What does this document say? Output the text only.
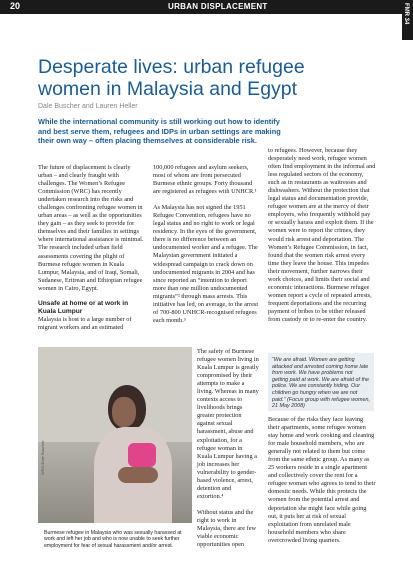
20	URBAN DISPLACEMENT	FMR 34
Desperate lives: urban refugee women in Malaysia and Egypt
Dale Buscher and Lauren Heller
While the international community is still working out how to identify and best serve them, refugees and IDPs in urban settings are making their own way – often placing themselves at considerable risk.

The future of displacement is clearly urban – and clearly fraught with challenges. The Women’s Refugee Commission (WRC) has recently undertaken research into the risks and challenges confronting refugee women in urban areas – as well as the opportunities they gain – as they seek to provide for themselves and their families in settings where international assistance is minimal. The research included urban field assessments covering the plight of Burmese refugee women in Kuala Lumpur, Malaysia, and of Iraqi, Somali, Sudanese, Eritrean and Ethiopian refugee women in Cairo, Egypt.

Unsafe at home or at work in Kuala Lumpur

Malaysia is host to a large number of migrant workers and an estimated

100,000 refugees and asylum seekers, most of whom are from persecuted Burmese ethnic groups. Forty thousand are registered as refugees with UNHCR.¹

As Malaysia has not signed the 1951 Refugee Convention, refugees have no legal status and no right to work or legal residency. In the eyes of the government, there is no difference between an undocumented worker and a refugee. The Malaysian government initiated a widespread campaign to crack down on undocumented migrants in 2004 and has since reported an “intention to deport more than one million undocumented migrants”² through mass arrests. This initiative has led, on average, to the arrest of 700-800 UNHCR-recognised refugees each month.³

WRC/Dale Buscher
Burmese refugee in Malaysia who was sexually harassed at work and left her job and who is now unable to seek further employment for fear of sexual harassment and/or arrest.

The safety of Burmese refugee women living in Kuala Lumpur is greatly compromised by their attempts to make a living. Whereas in many contexts access to livelihoods brings greater protection against sexual harassment, abuse and exploitation, for a refugee woman in Kuala Lumpur having a job increases her vulnerability to gender-based violence, arrest, detention and extortion.⁴

Without status and the right to work in Malaysia, there are few viable economic opportunities open

to refugees. However, because they desperately need work, refugee women often find employment in the informal and less regulated sectors of the economy, such as in restaurants as waitresses and dishwashers. Without the protection that legal status and documentation provide, refugee women are at the mercy of their employers, who frequently withhold pay or sexually harass and exploit them. If the women were to report the crimes, they would risk arrest and deportation. The Women’s Refugee Commission, in fact, found that the women risk arrest every time they leave the house. This impedes their movement, further narrows their work choices, and limits their social and economic interactions. Burmese refugee women report a cycle of repeated arrests, frequent deportations and the recurring payment of bribes to be either released from custody or to re-enter the country.

“We are afraid. Women are getting attacked and arrested coming home late from work. We have problems not getting paid at work. We are afraid of the police. We are constantly hiding. Our children go hungry when we are not paid.” (Focus group with refugee women, 21 May 2008)

Because of the risks they face leaving their apartments, some refugee women stay home and work cooking and cleaning for male household members, who are generally not related to them but come from the same ethnic group. As many as 25 workers reside in a single apartment and collectively cover the rent for a refugee woman who agrees to tend to their domestic needs. While this protects the women from the potential arrest and deportation she might face while going out, it puts her at risk of sexual exploitation from unrelated male household members who share overcrowded living quarters.
